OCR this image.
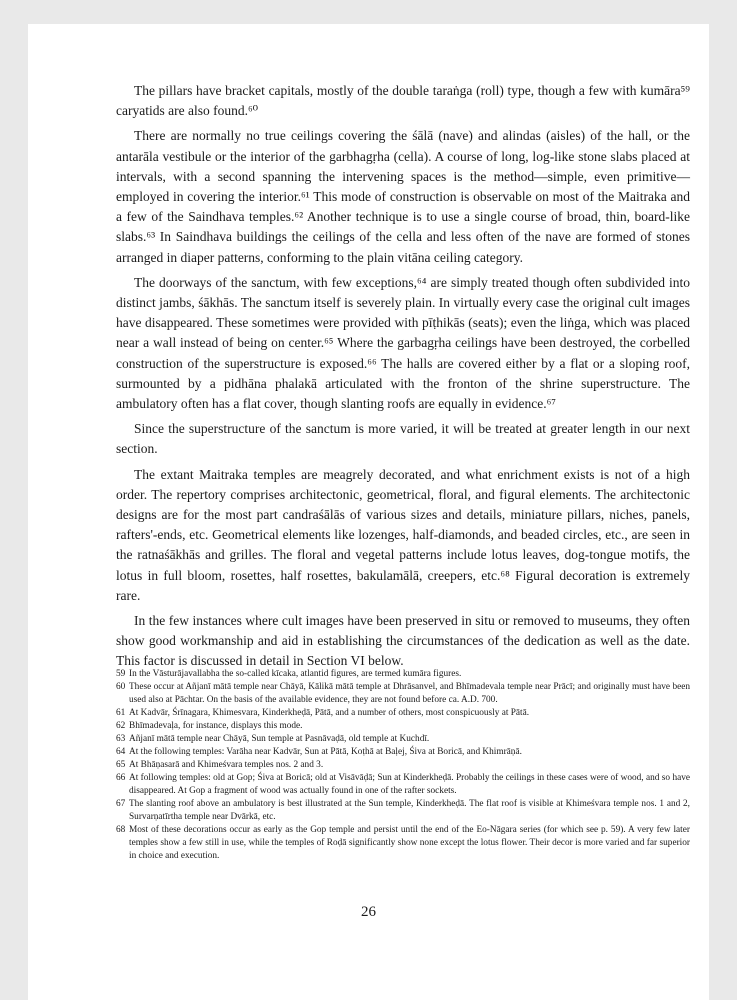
The pillars have bracket capitals, mostly of the double taraṅga (roll) type, though a few with kumāra⁵⁹ caryatids are also found.⁶⁰

There are normally no true ceilings covering the śālā (nave) and alindas (aisles) of the hall, or the antarāla vestibule or the interior of the garbhagṛha (cella). A course of long, log-like stone slabs placed at intervals, with a second spanning the intervening spaces is the method—simple, even primitive—employed in covering the interior.⁶¹ This mode of construction is observable on most of the Maitraka and a few of the Saindhava temples.⁶² Another technique is to use a single course of broad, thin, board-like slabs.⁶³ In Saindhava buildings the ceilings of the cella and less often of the nave are formed of stones arranged in diaper patterns, conforming to the plain vitāna ceiling category.

The doorways of the sanctum, with few exceptions,⁶⁴ are simply treated though often subdivided into distinct jambs, śākhās. The sanctum itself is severely plain. In virtually every case the original cult images have disappeared. These sometimes were provided with pīṭhikās (seats); even the liṅga, which was placed near a wall instead of being on center.⁶⁵ Where the garbagṛha ceilings have been destroyed, the corbelled construction of the superstructure is exposed.⁶⁶ The halls are covered either by a flat or a sloping roof, surmounted by a pidhāna phalakā articulated with the fronton of the shrine superstructure. The ambulatory often has a flat cover, though slanting roofs are equally in evidence.⁶⁷

Since the superstructure of the sanctum is more varied, it will be treated at greater length in our next section.

The extant Maitraka temples are meagrely decorated, and what enrichment exists is not of a high order. The repertory comprises architectonic, geometrical, floral, and figural elements. The architectonic designs are for the most part candraśālās of various sizes and details, miniature pillars, niches, panels, rafters'-ends, etc. Geometrical elements like lozenges, half-diamonds, and beaded circles, etc., are seen in the ratnaśākhās and grilles. The floral and vegetal patterns include lotus leaves, dog-tongue motifs, the lotus in full bloom, rosettes, half rosettes, bakulamālā, creepers, etc.⁶⁸ Figural decoration is extremely rare.

In the few instances where cult images have been preserved in situ or removed to museums, they often show good workmanship and aid in establishing the circumstances of the dedication as well as the date. This factor is discussed in detail in Section VI below.

59 In the Vāsturājavallabha the so-called kīcaka, atlantid figures, are termed kumāra figures.
60 These occur at Añjanī mātā temple near Chāyā, Kālikā mātā temple at Dhrāsanvel, and Bhīmadevala temple near Prācī; and originally must have been used also at Pāchtar. On the basis of the available evidence, they are not found before ca. A.D. 700.
61 At Kadvār, Śrīnagara, Khimesvara, Kinderkheḍā, Pātā, and a number of others, most conspicuously at Pātā.
62 Bhīmadevaḷa, for instance, displays this mode.
63 Añjanī mātā temple near Chāyā, Sun temple at Pasnāvaḍā, old temple at Kuchdī.
64 At the following temples: Varāha near Kadvār, Sun at Pātā, Koṭhā at Baḷej, Śiva at Boricā, and Khimrāṇā.
65 At Bhāṇasarā and Khimeśvara temples nos. 2 and 3.
66 At following temples: old at Gop; Śiva at Boricā; old at Visāvāḍā; Sun at Kinderkheḍā. Probably the ceilings in these cases were of wood, and so have disappeared. At Gop a fragment of wood was actually found in one of the rafter sockets.
67 The slanting roof above an ambulatory is best illustrated at the Sun temple, Kinderkheḍā. The flat roof is visible at Khimeśvara temple nos. 1 and 2, Survarṇatīrtha temple near Dvārkā, etc.
68 Most of these decorations occur as early as the Gop temple and persist until the end of the Eo-Nāgara series (for which see p. 59). A very few later temples show a few still in use, while the temples of Roḍā significantly show none except the lotus flower. Their decor is more varied and far superior in choice and execution.
26
